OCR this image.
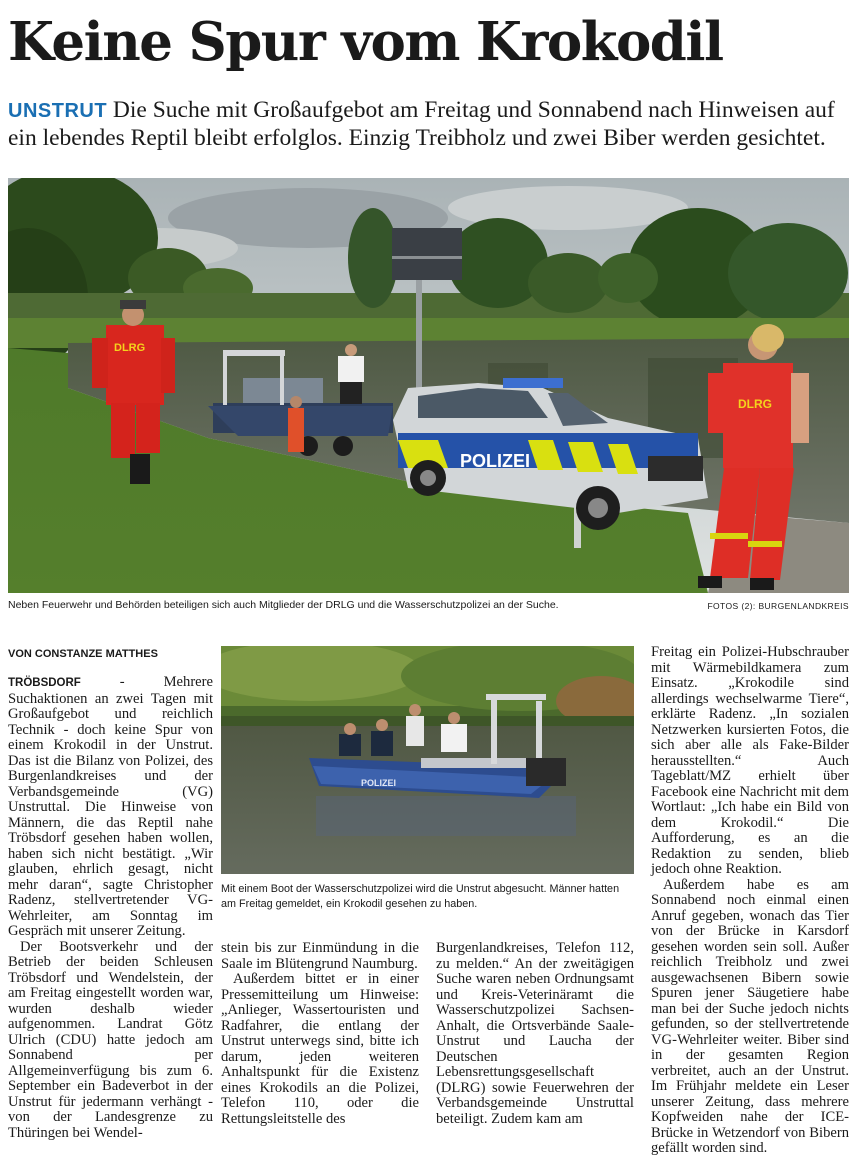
Keine Spur vom Krokodil

UNSTRUT Die Suche mit Großaufgebot am Freitag und Sonnabend nach Hinweisen auf ein lebendes Reptil bleibt erfolglos. Einzig Treibholz und zwei Biber werden gesichtet.

POLIZEI
DLRG
DLRG
Neben Feuerwehr und Behörden beteiligen sich auch Mitglieder der DRLG und die Wasserschutzpolizei an der Suche.	FOTOS (2): BURGENLANDKREIS
VON CONSTANZE MATTHES

TRÖBSDORF - Mehrere Suchaktionen an zwei Tagen mit Großaufgebot und reichlich Technik - doch keine Spur von einem Krokodil in der Unstrut. Das ist die Bilanz von Polizei, des Burgenlandkreises und der Verbandsgemeinde (VG) Unstruttal. Die Hinweise von Männern, die das Reptil nahe Tröbsdorf gesehen haben wollen, haben sich nicht bestätigt. „Wir glauben, ehrlich gesagt, nicht mehr daran“, sagte Christopher Radenz, stellvertretender VG-Wehrleiter, am Sonntag im Gespräch mit unserer Zeitung.

Der Bootsverkehr und der Betrieb der beiden Schleusen Tröbsdorf und Wendelstein, der am Freitag eingestellt worden war, wurden deshalb wieder aufgenommen. Landrat Götz Ulrich (CDU) hatte jedoch am Sonnabend per Allgemeinverfügung bis zum 6. September ein Badeverbot in der Unstrut für jedermann verhängt - von der Landesgrenze zu Thüringen bei Wendel-

POLIZEI
Mit einem Boot der Wasserschutzpolizei wird die Unstrut abgesucht. Männer hatten am Freitag gemeldet, ein Krokodil gesehen zu haben.

stein bis zur Einmündung in die Saale im Blütengrund Naumburg.

Außerdem bittet er in einer Pressemitteilung um Hinweise: „Anlieger, Wassertouristen und Radfahrer, die entlang der Unstrut unterwegs sind, bitte ich darum, jeden weiteren Anhaltspunkt für die Existenz eines Krokodils an die Polizei, Telefon 110, oder die Rettungsleitstelle des

Burgenlandkreises, Telefon 112, zu melden.“ An der zweitägigen Suche waren neben Ordnungsamt und Kreis-Veterinäramt die Wasserschutzpolizei Sachsen-Anhalt, die Ortsverbände Saale-Unstrut und Laucha der Deutschen Lebensrettungsgesellschaft (DLRG) sowie Feuerwehren der Verbandsgemeinde Unstruttal beteiligt. Zudem kam am

Freitag ein Polizei-Hubschrauber mit Wärmebildkamera zum Einsatz. „Krokodile sind allerdings wechselwarme Tiere“, erklärte Radenz. „In sozialen Netzwerken kursierten Fotos, die sich aber alle als Fake-Bilder herausstellten.“ Auch Tageblatt/MZ erhielt über Facebook eine Nachricht mit dem Wortlaut: „Ich habe ein Bild von dem Krokodil.“ Die Aufforderung, es an die Redaktion zu senden, blieb jedoch ohne Reaktion.

Außerdem habe es am Sonnabend noch einmal einen Anruf gegeben, wonach das Tier von der Brücke in Karsdorf gesehen worden sein soll. Außer reichlich Treibholz und zwei ausgewachsenen Bibern sowie Spuren jener Säugetiere habe man bei der Suche jedoch nichts gefunden, so der stellvertretende VG-Wehrleiter weiter. Biber sind in der gesamten Region verbreitet, auch an der Unstrut. Im Frühjahr meldete ein Leser unserer Zeitung, dass mehrere Kopfweiden nahe der ICE-Brücke in Wetzendorf von Bibern gefällt worden sind.
